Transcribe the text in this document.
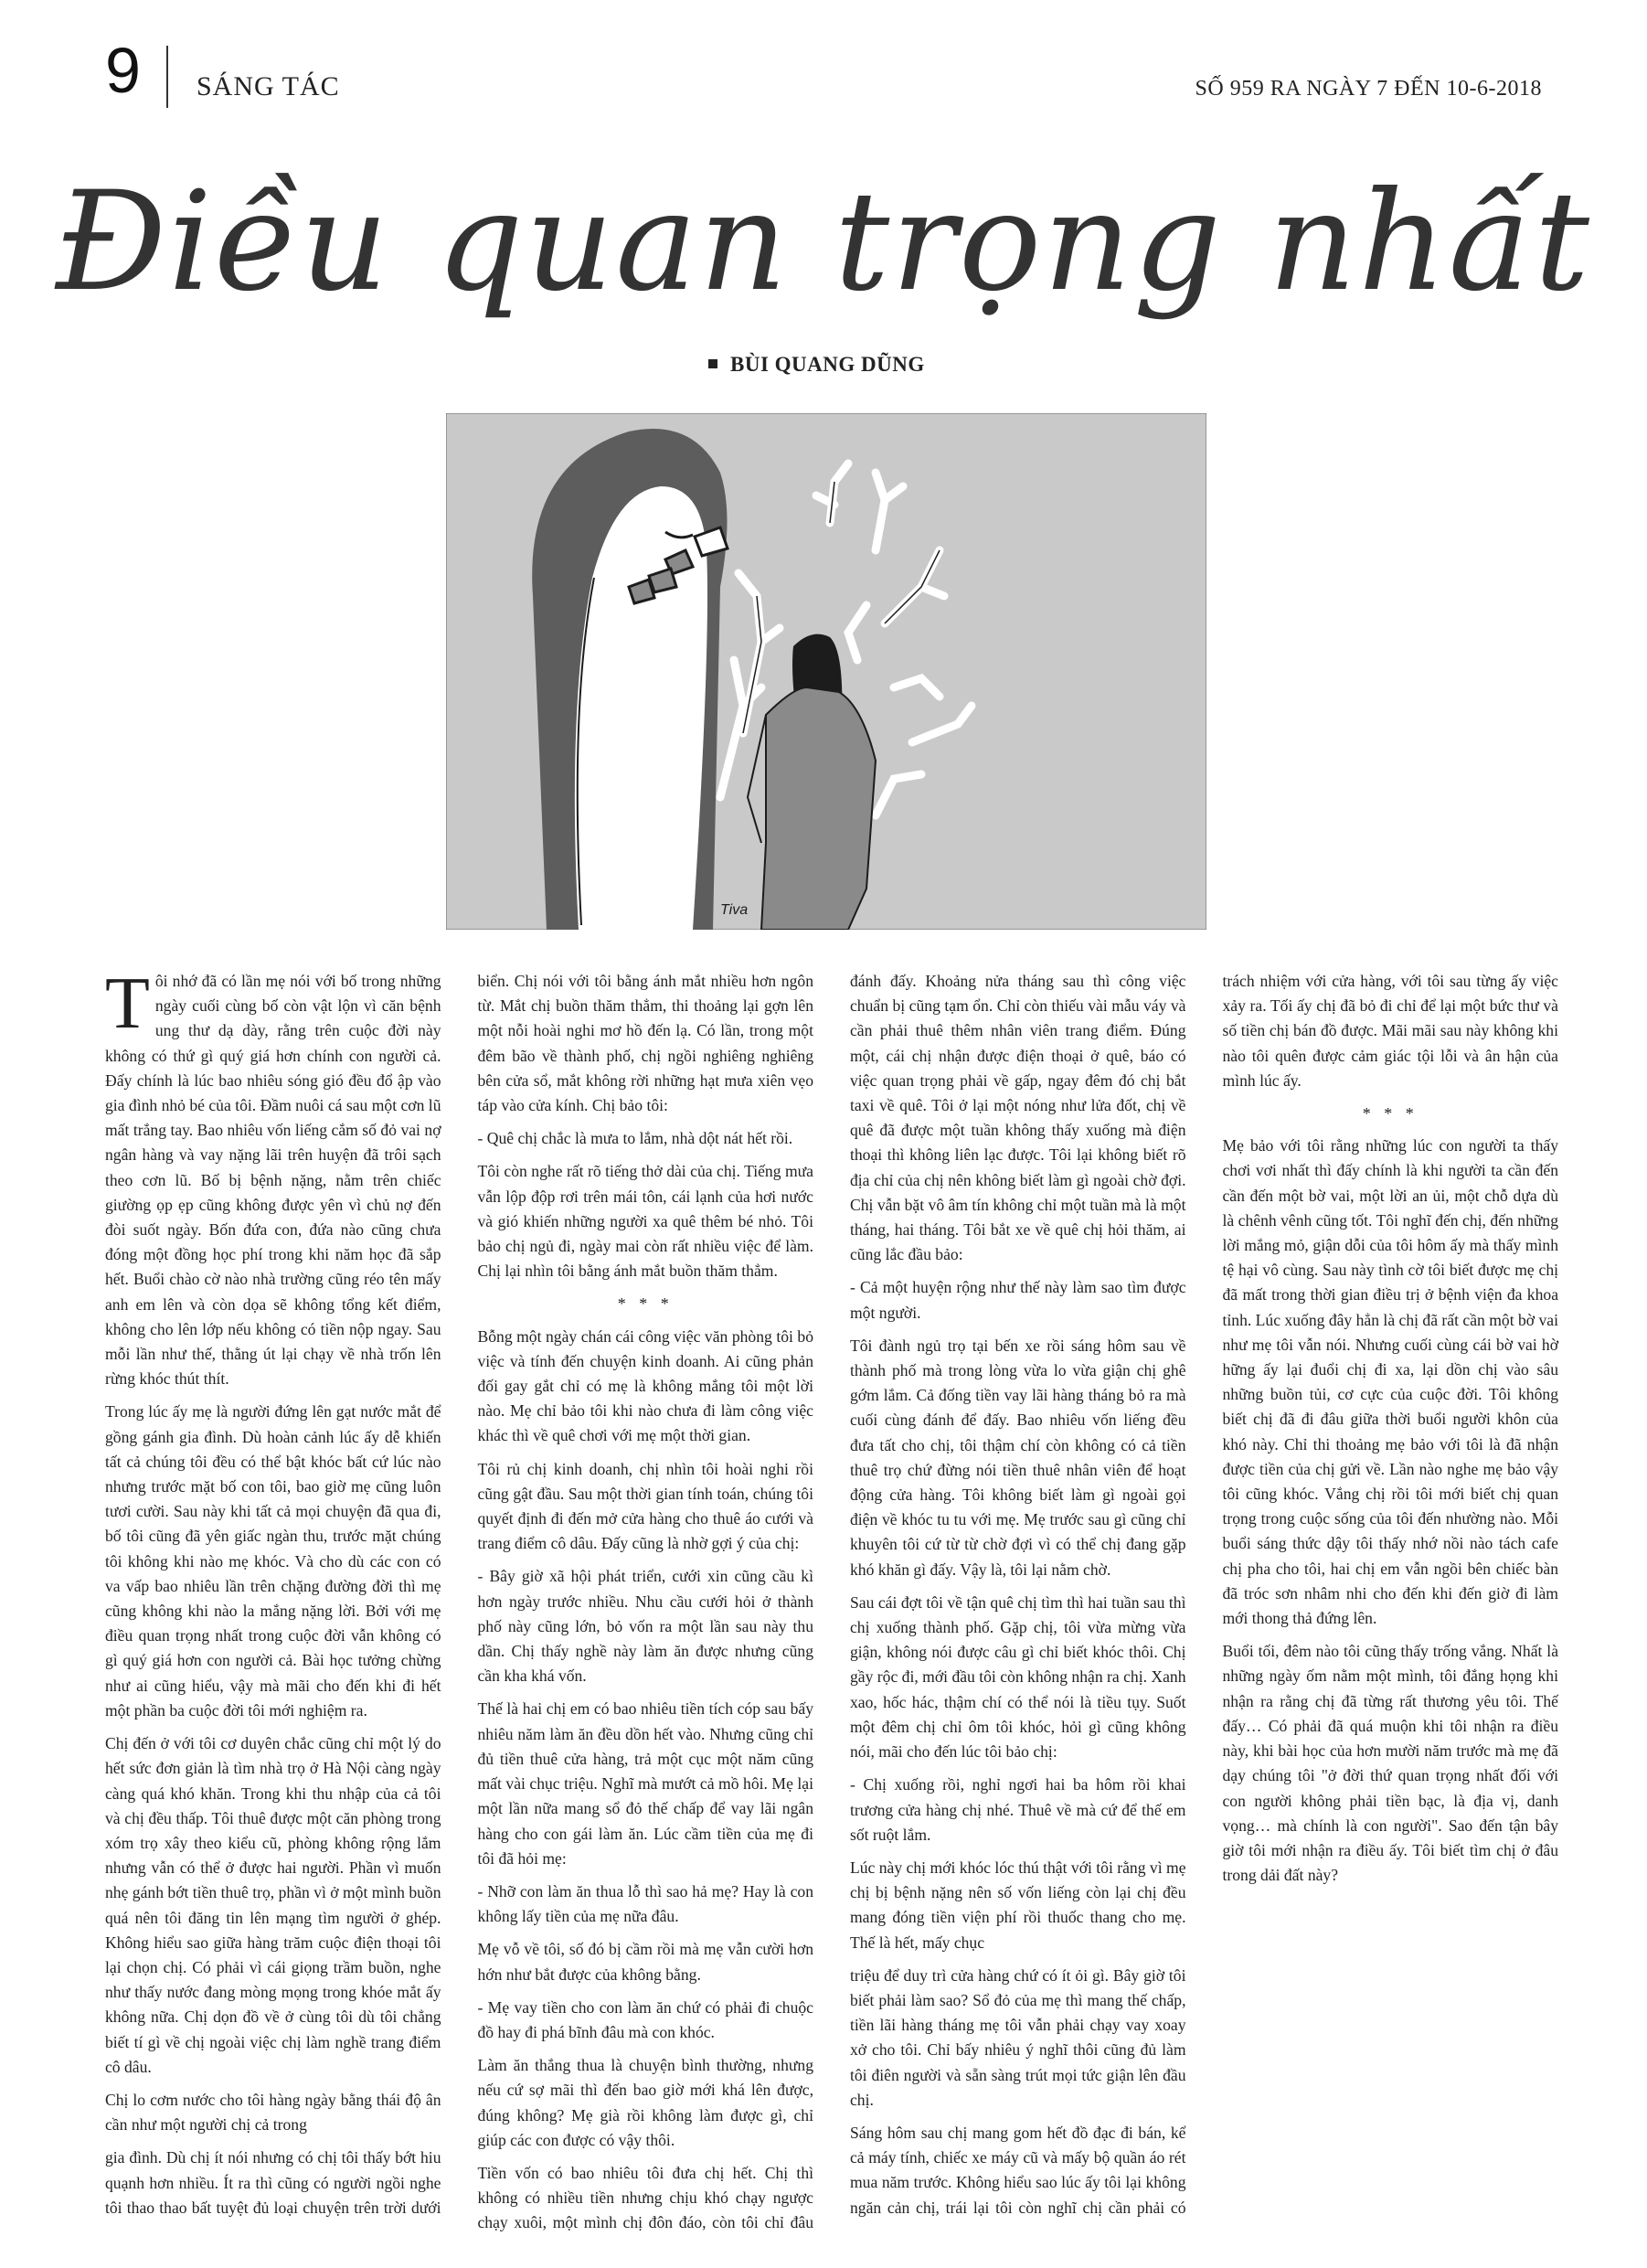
9 SÁNG TÁC	SỐ 959 RA NGÀY 7 ĐẾN 10-6-2018
Điều quan trọng nhất
BÙI QUANG DŨNG
Tiva

Tôi nhớ đã có lần mẹ nói với bố trong những ngày cuối cùng bố còn vật lộn vì căn bệnh ung thư dạ dày, rằng trên cuộc đời này không có thứ gì quý giá hơn chính con người cả. Đấy chính là lúc bao nhiêu sóng gió đều đổ ập vào gia đình nhỏ bé của tôi. Đầm nuôi cá sau một cơn lũ mất trắng tay. Bao nhiêu vốn liếng cắm số đỏ vai nợ ngân hàng và vay nặng lãi trên huyện đã trôi sạch theo cơn lũ. Bố bị bệnh nặng, nằm trên chiếc giường ọp ẹp cũng không được yên vì chủ nợ đến đòi suốt ngày. Bốn đứa con, đứa nào cũng chưa đóng một đồng học phí trong khi năm học đã sắp hết. Buổi chào cờ nào nhà trường cũng réo tên mấy anh em lên và còn dọa sẽ không tổng kết điểm, không cho lên lớp nếu không có tiền nộp ngay. Sau mỗi lần như thế, thằng út lại chạy về nhà trốn lên rừng khóc thút thít.

Trong lúc ấy mẹ là người đứng lên gạt nước mắt để gồng gánh gia đình. Dù hoàn cảnh lúc ấy dễ khiến tất cả chúng tôi đều có thể bật khóc bất cứ lúc nào nhưng trước mặt bố con tôi, bao giờ mẹ cũng luôn tươi cười. Sau này khi tất cả mọi chuyện đã qua đi, bố tôi cũng đã yên giấc ngàn thu, trước mặt chúng tôi không khi nào mẹ khóc. Và cho dù các con có va vấp bao nhiêu lần trên chặng đường đời thì mẹ cũng không khi nào la mắng nặng lời. Bởi với mẹ điều quan trọng nhất trong cuộc đời vẫn không có gì quý giá hơn con người cả. Bài học tưởng chừng như ai cũng hiểu, vậy mà mãi cho đến khi đi hết một phần ba cuộc đời tôi mới nghiệm ra.

Chị đến ở với tôi cơ duyên chắc cũng chỉ một lý do hết sức đơn giản là tìm nhà trọ ở Hà Nội càng ngày càng quá khó khăn. Trong khi thu nhập của cả tôi và chị đều thấp. Tôi thuê được một căn phòng trong xóm trọ xây theo kiểu cũ, phòng không rộng lắm nhưng vẫn có thể ở được hai người. Phần vì muốn nhẹ gánh bớt tiền thuê trọ, phần vì ở một mình buồn quá nên tôi đăng tin lên mạng tìm người ở ghép. Không hiểu sao giữa hàng trăm cuộc điện thoại tôi lại chọn chị. Có phải vì cái giọng trầm buồn, nghe như thấy nước đang mòng mọng trong khóe mắt ấy không nữa. Chị dọn đồ về ở cùng tôi dù tôi chẳng biết tí gì về chị ngoài việc chị làm nghề trang điểm cô dâu.

Chị lo cơm nước cho tôi hàng ngày bằng thái độ ân cần như một người chị cả trong

gia đình. Dù chị ít nói nhưng có chị tôi thấy bớt hiu quạnh hơn nhiều. Ít ra thì cũng có người ngồi nghe tôi thao thao bất tuyệt đủ loại chuyện trên trời dưới biển. Chị nói với tôi bằng ánh mắt nhiều hơn ngôn từ. Mắt chị buồn thăm thẳm, thi thoảng lại gợn lên một nỗi hoài nghi mơ hồ đến lạ. Có lần, trong một đêm bão về thành phố, chị ngồi nghiêng nghiêng bên cửa sổ, mắt không rời những hạt mưa xiên vẹo táp vào cửa kính. Chị bảo tôi:

- Quê chị chắc là mưa to lắm, nhà dột nát hết rồi.

Tôi còn nghe rất rõ tiếng thở dài của chị. Tiếng mưa vẫn lộp độp rơi trên mái tôn, cái lạnh của hơi nước và gió khiến những người xa quê thêm bé nhỏ. Tôi bảo chị ngủ đi, ngày mai còn rất nhiều việc để làm. Chị lại nhìn tôi bằng ánh mắt buồn thăm thẳm.

* * *

Bỗng một ngày chán cái công việc văn phòng tôi bỏ việc và tính đến chuyện kinh doanh. Ai cũng phản đối gay gắt chỉ có mẹ là không mắng tôi một lời nào. Mẹ chỉ bảo tôi khi nào chưa đi làm công việc khác thì về quê chơi với mẹ một thời gian.

Tôi rủ chị kinh doanh, chị nhìn tôi hoài nghi rồi cũng gật đầu. Sau một thời gian tính toán, chúng tôi quyết định đi đến mở cửa hàng cho thuê áo cưới và trang điểm cô dâu. Đấy cũng là nhờ gợi ý của chị:

- Bây giờ xã hội phát triển, cưới xin cũng cầu kì hơn ngày trước nhiều. Nhu cầu cưới hỏi ở thành phố này cũng lớn, bỏ vốn ra một lần sau này thu dần. Chị thấy nghề này làm ăn được nhưng cũng cần kha khá vốn.

Thế là hai chị em có bao nhiêu tiền tích cóp sau bấy nhiêu năm làm ăn đều dồn hết vào. Nhưng cũng chỉ đủ tiền thuê cửa hàng, trả một cục một năm cũng mất vài chục triệu. Nghĩ mà mướt cả mồ hôi. Mẹ lại một lần nữa mang sổ đỏ thế chấp để vay lãi ngân hàng cho con gái làm ăn. Lúc cầm tiền của mẹ đi tôi đã hỏi mẹ:

- Nhỡ con làm ăn thua lỗ thì sao hả mẹ? Hay là con không lấy tiền của mẹ nữa đâu.

Mẹ vỗ về tôi, số đó bị cầm rồi mà mẹ vẫn cười hơn hớn như bắt được của không bằng.

- Mẹ vay tiền cho con làm ăn chứ có phải đi chuộc đồ hay đi phá bĩnh đâu mà con khóc.

Làm ăn thắng thua là chuyện bình thường, nhưng nếu cứ sợ mãi thì đến bao giờ mới khá lên được, đúng không? Mẹ già rồi không làm được gì, chỉ giúp các con được có vậy thôi.

Tiền vốn có bao nhiêu tôi đưa chị hết. Chị thì không có nhiều tiền nhưng chịu khó chạy ngược chạy xuôi, một mình chị đôn đáo, còn tôi chỉ đâu đánh đấy. Khoảng nửa tháng sau thì công việc chuẩn bị cũng tạm ổn. Chỉ còn thiếu vài mẫu váy và cần phải thuê thêm nhân viên trang điểm. Đúng một, cái chị nhận được điện thoại ở quê, báo có việc quan trọng phải về gấp, ngay đêm đó chị bắt taxi về quê. Tôi ở lại một nóng như lửa đốt, chị về quê đã được một tuần không thấy xuống mà điện thoại thì không liên lạc được. Tôi lại không biết rõ địa chỉ của chị nên không biết làm gì ngoài chờ đợi. Chị vẫn bặt vô âm tín không chỉ một tuần mà là một tháng, hai tháng. Tôi bắt xe về quê chị hỏi thăm, ai cũng lắc đầu bảo:

- Cả một huyện rộng như thế này làm sao tìm được một người.

Tôi đành ngủ trọ tại bến xe rồi sáng hôm sau về thành phố mà trong lòng vừa lo vừa giận chị ghê gớm lắm. Cả đống tiền vay lãi hàng tháng bỏ ra mà cuối cùng đánh để đấy. Bao nhiêu vốn liếng đều đưa tất cho chị, tôi thậm chí còn không có cả tiền thuê trọ chứ đừng nói tiền thuê nhân viên để hoạt động cửa hàng. Tôi không biết làm gì ngoài gọi điện về khóc tu tu với mẹ. Mẹ trước sau gì cũng chỉ khuyên tôi cứ từ từ chờ đợi vì có thể chị đang gặp khó khăn gì đấy. Vậy là, tôi lại nằm chờ.

Sau cái đợt tôi về tận quê chị tìm thì hai tuần sau thì chị xuống thành phố. Gặp chị, tôi vừa mừng vừa giận, không nói được câu gì chỉ biết khóc thôi. Chị gầy rộc đi, mới đầu tôi còn không nhận ra chị. Xanh xao, hốc hác, thậm chí có thể nói là tiều tụy. Suốt một đêm chị chỉ ôm tôi khóc, hỏi gì cũng không nói, mãi cho đến lúc tôi bảo chị:

- Chị xuống rồi, nghỉ ngơi hai ba hôm rồi khai trương cửa hàng chị nhé. Thuê về mà cứ để thế em sốt ruột lắm.

Lúc này chị mới khóc lóc thú thật với tôi rằng vì mẹ chị bị bệnh nặng nên số vốn liếng còn lại chị đều mang đóng tiền viện phí rồi thuốc thang cho mẹ. Thế là hết, mấy chục

triệu để duy trì cửa hàng chứ có ít ỏi gì. Bây giờ tôi biết phải làm sao? Sổ đỏ của mẹ thì mang thế chấp, tiền lãi hàng tháng mẹ tôi vẫn phải chạy vay xoay xở cho tôi. Chỉ bấy nhiêu ý nghĩ thôi cũng đủ làm tôi điên người và sẵn sàng trút mọi tức giận lên đầu chị.

Sáng hôm sau chị mang gom hết đồ đạc đi bán, kể cả máy tính, chiếc xe máy cũ và mấy bộ quần áo rét mua năm trước. Không hiểu sao lúc ấy tôi lại không ngăn cản chị, trái lại tôi còn nghĩ chị cần phải có trách nhiệm với cửa hàng, với tôi sau từng ấy việc xảy ra. Tối ấy chị đã bỏ đi chỉ để lại một bức thư và số tiền chị bán đồ được. Mãi mãi sau này không khi nào tôi quên được cảm giác tội lỗi và ân hận của mình lúc ấy.

* * *

Mẹ bảo với tôi rằng những lúc con người ta thấy chơi vơi nhất thì đấy chính là khi người ta cần đến cần đến một bờ vai, một lời an ủi, một chỗ dựa dù là chênh vênh cũng tốt. Tôi nghĩ đến chị, đến những lời mắng mỏ, giận dỗi của tôi hôm ấy mà thấy mình tệ hại vô cùng. Sau này tình cờ tôi biết được mẹ chị đã mất trong thời gian điều trị ở bệnh viện đa khoa tỉnh. Lúc xuống đây hẳn là chị đã rất cần một bờ vai như mẹ tôi vẫn nói. Nhưng cuối cùng cái bờ vai hờ hững ấy lại đuổi chị đi xa, lại dồn chị vào sâu những buồn tủi, cơ cực của cuộc đời. Tôi không biết chị đã đi đâu giữa thời buổi người khôn của khó này. Chỉ thi thoảng mẹ bảo với tôi là đã nhận được tiền của chị gửi về. Lần nào nghe mẹ bảo vậy tôi cũng khóc. Vắng chị rồi tôi mới biết chị quan trọng trong cuộc sống của tôi đến nhường nào. Mỗi buổi sáng thức dậy tôi thấy nhớ nồi nào tách cafe chị pha cho tôi, hai chị em vẫn ngồi bên chiếc bàn đã tróc sơn nhâm nhi cho đến khi đến giờ đi làm mới thong thả đứng lên.

Buổi tối, đêm nào tôi cũng thấy trống vắng. Nhất là những ngày ốm nằm một mình, tôi đắng họng khi nhận ra rằng chị đã từng rất thương yêu tôi. Thế đấy… Có phải đã quá muộn khi tôi nhận ra điều này, khi bài học của hơn mười năm trước mà mẹ đã dạy chúng tôi "ở đời thứ quan trọng nhất đối với con người không phải tiền bạc, là địa vị, danh vọng… mà chính là con người". Sao đến tận bây giờ tôi mới nhận ra điều ấy. Tôi biết tìm chị ở đâu trong dải đất này?
